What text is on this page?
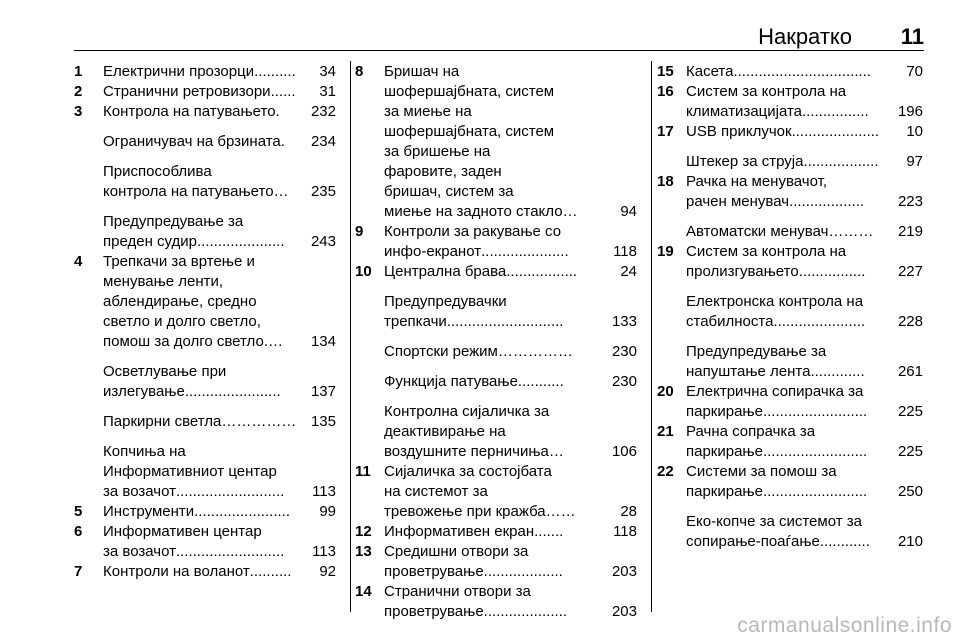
Накратко 11
1 Електрични прозорци ..........	34
2 Странични ретровизори ......	31
3 Контрола на патувањето .	232
Ограничувач на брзината .	234
Приспособлива
контрола на патувањето …	235
Предупредување за
преден судир .....................	243
4 Трепкачи за вртење и
менување ленти,
аблендирање, средно
светло и долго светло,
помош за долго светло .…	134
Осветлување при
излегување .......................	137
Паркирни светла …………… 135
Копчиња на
Информативниот центар
за возачот ..........................	113
5 Инструменти .......................	99
6 Информативен центар
за возачот ..........................	113
7 Контроли на воланот ..........	92
8 Бришач на
шофершајбната, систем
за миење на
шофершајбната, систем
за бришење на
фаровите, заден
бришач, систем за
миење на задното стакло …	94
9 Контроли за ракување со
инфо-екранот .....................	118
10 Централна брава .................	24
Предупредувачки
трепкачи ............................	133
Спортски режим ……………	230
Функција патување ...........	230
Контролна сијаличка за
деактивирање на
воздушните перничиња …	106
11 Сијаличка за состојбата
на системот за
тревожење при кражба ……	28
12 Информативен екран .......	118
13 Средишни отвори за
проветрување ...................	203
14 Странични отвори за
проветрување ....................	203
15 Касета .................................	70
16 Систем за контрола на
климатизацијата ................	196
17 USB приклучок .....................	10
Штекер за струја ..................	97
18 Рачка на менувачот,
рачен менувач ..................	223
Автоматски менувач ………	219
19 Систем за контрола на
пролизгувањето ................	227
Електронска контрола на
стабилноста ......................	228
Предупредување за
напуштање лента .............	261
20 Електрична сопирачка за
паркирање .........................	225
21 Рачна сопрачка за
паркирање .........................	225
22 Системи за помош за
паркирање .........................	250
Еко-копче за системот за
сопирање-поаѓање ............	210
carmanualsonline.info
